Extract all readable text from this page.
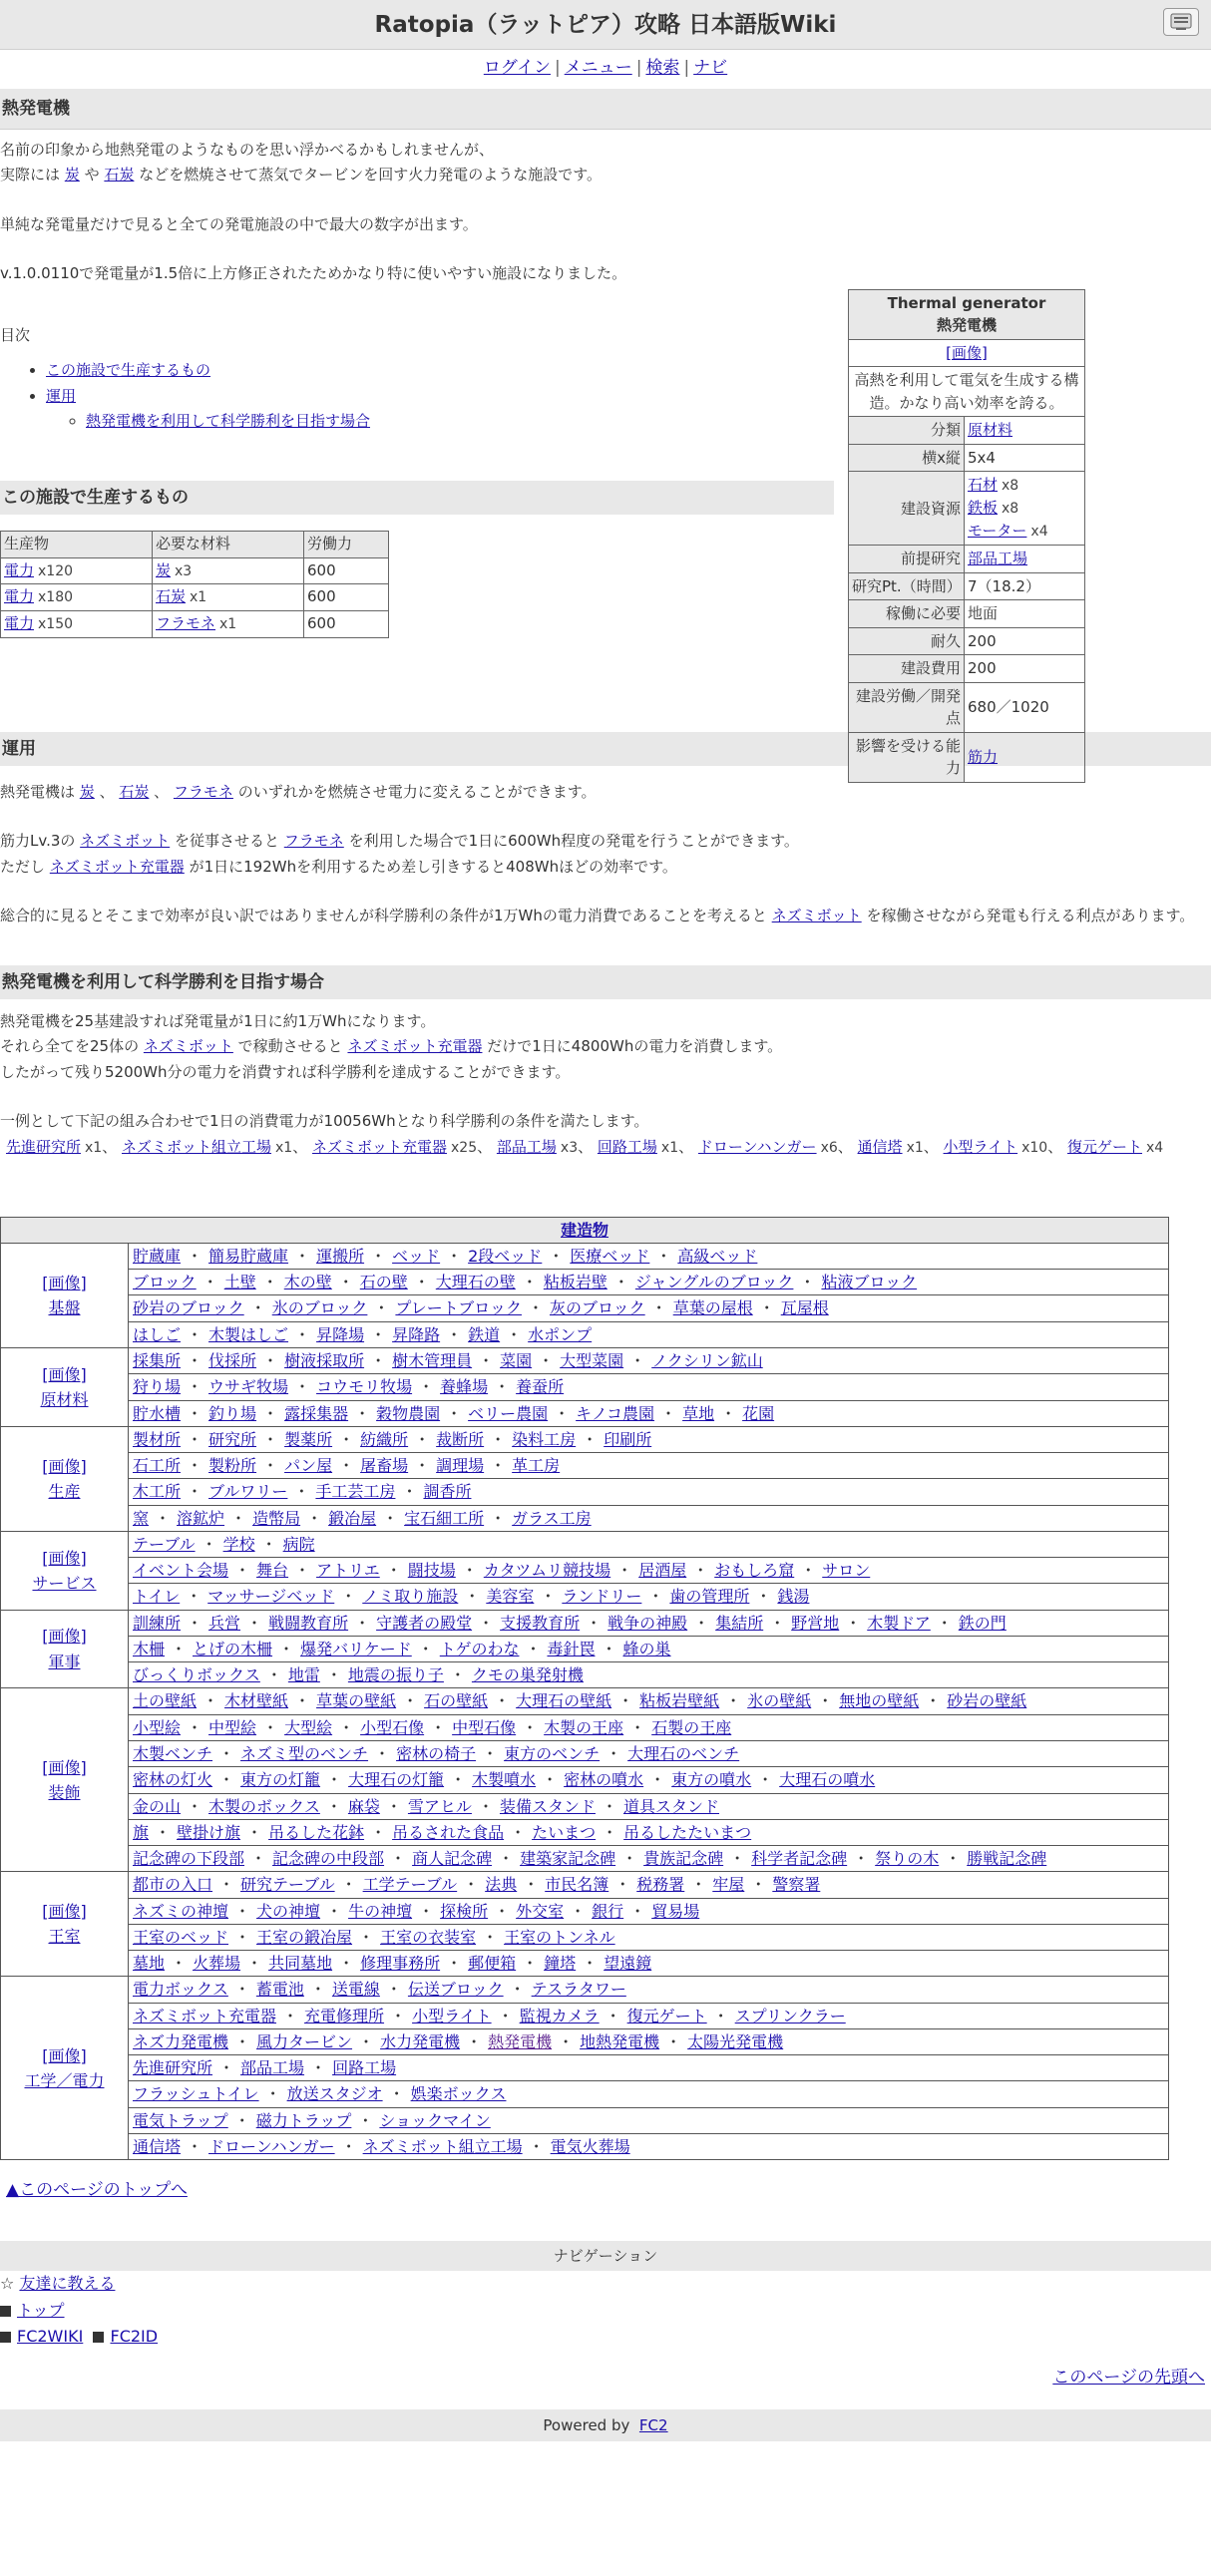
Ratopia（ラットピア）攻略 日本語版Wiki
ログイン | メニュー | 検索 | ナビ
熱発電機
Thermal generator
熱発電機	

[画像]	
高熱を利用して電気を生成する構造。かなり高い効率を誇る。	
分類	原材料
横x縦	5x4
建設資源	石材 x8
鉄板 x8
モーター x4

前提研究	部品工場
研究Pt.（時間）	7（18.2）
稼働に必要	地面
耐久	200
建設費用	200
建設労働／開発点	680／1020
影響を受ける能力	筋力

名前の印象から地熱発電のようなものを思い浮かべるかもしれませんが、

実際には 炭 や 石炭 などを燃焼させて蒸気でタービンを回す火力発電のような施設です。

単純な発電量だけで見ると全ての発電施設の中で最大の数字が出ます。

v.1.0.0110で発電量が1.5倍に上方修正されたためかなり特に使いやすい施設になりました。

目次
• この施設で生産するもの
• 運用
◦ 熱発電機を利用して科学勝利を目指す場合
この施設で生産するもの
生産物	必要な材料	労働力
電力 x120	炭 x3	600
電力 x180	石炭 x1	600
電力 x150	フラモネ x1	600
運用

熱発電機は 炭 、 石炭 、 フラモネ のいずれかを燃焼させ電力に変えることができます。

筋力Lv.3の ネズミボット を従事させると フラモネ を利用した場合で1日に600Wh程度の発電を行うことができます。

ただし ネズミボット充電器 が1日に192Whを利用するため差し引きすると408Whほどの効率です。

総合的に見るとそこまで効率が良い訳ではありませんが科学勝利の条件が1万Whの電力消費であることを考えると ネズミボット を稼働させながら発電も行える利点があります。

熱発電機を利用して科学勝利を目指す場合

熱発電機を25基建設すれば発電量が1日に約1万Whになります。

それら全てを25体の ネズミボット で稼動させると ネズミボット充電器 だけで1日に4800Whの電力を消費します。

したがって残り5200Wh分の電力を消費すれば科学勝利を達成することができます。

一例として下記の組み合わせで1日の消費電力が10056Whとなり科学勝利の条件を満たします。

先進研究所 x1、 ネズミボット組立工場 x1、 ネズミボット充電器 x25、 部品工場 x3、 回路工場 x1、 ドローンハンガー x6、 通信塔 x1、 小型ライト x10、 復元ゲート x4

建造物	
[画像]
基盤	貯蔵庫 ・ 簡易貯蔵庫 ・ 運搬所 ・ ベッド ・ 2段ベッド ・ 医療ベッド ・ 高級ベッド
	ブロック ・ 土壁 ・ 木の壁 ・ 石の壁 ・ 大理石の壁 ・ 粘板岩壁 ・ ジャングルのブロック ・ 粘液ブロック
	砂岩のブロック ・ 氷のブロック ・ プレートブロック ・ 灰のブロック ・ 草葉の屋根 ・ 瓦屋根
	はしご ・ 木製はしご ・ 昇降場 ・ 昇降路 ・ 鉄道 ・ 水ポンプ
[画像]
原材料	採集所 ・ 伐採所 ・ 樹液採取所 ・ 樹木管理員 ・ 菜園 ・ 大型菜園 ・ ノクシリン鉱山
	狩り場 ・ ウサギ牧場 ・ コウモリ牧場 ・ 養蜂場 ・ 養蚕所
	貯水槽 ・ 釣り場 ・ 露採集器 ・ 穀物農園 ・ ベリー農園 ・ キノコ農園 ・ 草地 ・ 花園
[画像]
生産	製材所 ・ 研究所 ・ 製薬所 ・ 紡織所 ・ 裁断所 ・ 染料工房 ・ 印刷所
	石工所 ・ 製粉所 ・ パン屋 ・ 屠畜場 ・ 調理場 ・ 革工房
	木工所 ・ ブルワリー ・ 手工芸工房 ・ 調香所
	窯 ・ 溶鉱炉 ・ 造幣局 ・ 鍛冶屋 ・ 宝石細工所 ・ ガラス工房
[画像]
サービス	テーブル ・ 学校 ・ 病院
	イベント会場 ・ 舞台 ・ アトリエ ・ 闘技場 ・ カタツムリ競技場 ・ 居酒屋 ・ おもしろ窟 ・ サロン
	トイレ ・ マッサージベッド ・ ノミ取り施設 ・ 美容室 ・ ランドリー ・ 歯の管理所 ・ 銭湯
[画像]
軍事	訓練所 ・ 兵営 ・ 戦闘教育所 ・ 守護者の殿堂 ・ 支援教育所 ・ 戦争の神殿 ・ 集結所 ・ 野営地 ・ 木製ドア ・ 鉄の門
	木柵 ・ とげの木柵 ・ 爆発バリケード ・ トゲのわな ・ 毒針罠 ・ 蜂の巣
	びっくりボックス ・ 地雷 ・ 地震の振り子 ・ クモの巣発射機
[画像]
装飾	土の壁紙 ・ 木材壁紙 ・ 草葉の壁紙 ・ 石の壁紙 ・ 大理石の壁紙 ・ 粘板岩壁紙 ・ 氷の壁紙 ・ 無地の壁紙 ・ 砂岩の壁紙
	小型絵 ・ 中型絵 ・ 大型絵 ・ 小型石像 ・ 中型石像 ・ 木製の王座 ・ 石製の王座
	木製ベンチ ・ ネズミ型のベンチ ・ 密林の椅子 ・ 東方のベンチ ・ 大理石のベンチ
	密林の灯火 ・ 東方の灯籠 ・ 大理石の灯籠 ・ 木製噴水 ・ 密林の噴水 ・ 東方の噴水 ・ 大理石の噴水
	金の山 ・ 木製のボックス ・ 麻袋 ・ 雪アヒル ・ 装備スタンド ・ 道具スタンド
	旗 ・ 壁掛け旗 ・ 吊るした花鉢 ・ 吊るされた食品 ・ たいまつ ・ 吊るしたたいまつ
	記念碑の下段部 ・ 記念碑の中段部 ・ 商人記念碑 ・ 建築家記念碑 ・ 貴族記念碑 ・ 科学者記念碑 ・ 祭りの木 ・ 勝戦記念碑
[画像]
王室	都市の入口 ・ 研究テーブル ・ 工学テーブル ・ 法典 ・ 市民名簿 ・ 税務署 ・ 牢屋 ・ 警察署
	ネズミの神壇 ・ 犬の神壇 ・ 牛の神壇 ・ 探検所 ・ 外交室 ・ 銀行 ・ 貿易場
	王室のベッド ・ 王室の鍛冶屋 ・ 王室の衣装室 ・ 王室のトンネル
	墓地 ・ 火葬場 ・ 共同墓地 ・ 修理事務所 ・ 郵便箱 ・ 鐘塔 ・ 望遠鏡
[画像]
工学／電力	電力ボックス ・ 蓄電池 ・ 送電線 ・ 伝送ブロック ・ テスラタワー
	ネズミボット充電器 ・ 充電修理所 ・ 小型ライト ・ 監視カメラ ・ 復元ゲート ・ スプリンクラー
	ネズ力発電機 ・ 風力タービン ・ 水力発電機 ・ 熱発電機 ・ 地熱発電機 ・ 太陽光発電機
	先進研究所 ・ 部品工場 ・ 回路工場
	フラッシュトイレ ・ 放送スタジオ ・ 娯楽ボックス
	電気トラップ ・ 磁力トラップ ・ ショックマイン
	通信塔 ・ ドローンハンガー ・ ネズミボット組立工場 ・ 電気火葬場

▲このページのトップへ

ナビゲーション
☆ 友達に教える
トップ
FC2WIKI FC2ID
このページの先頭へ
Powered by FC2
